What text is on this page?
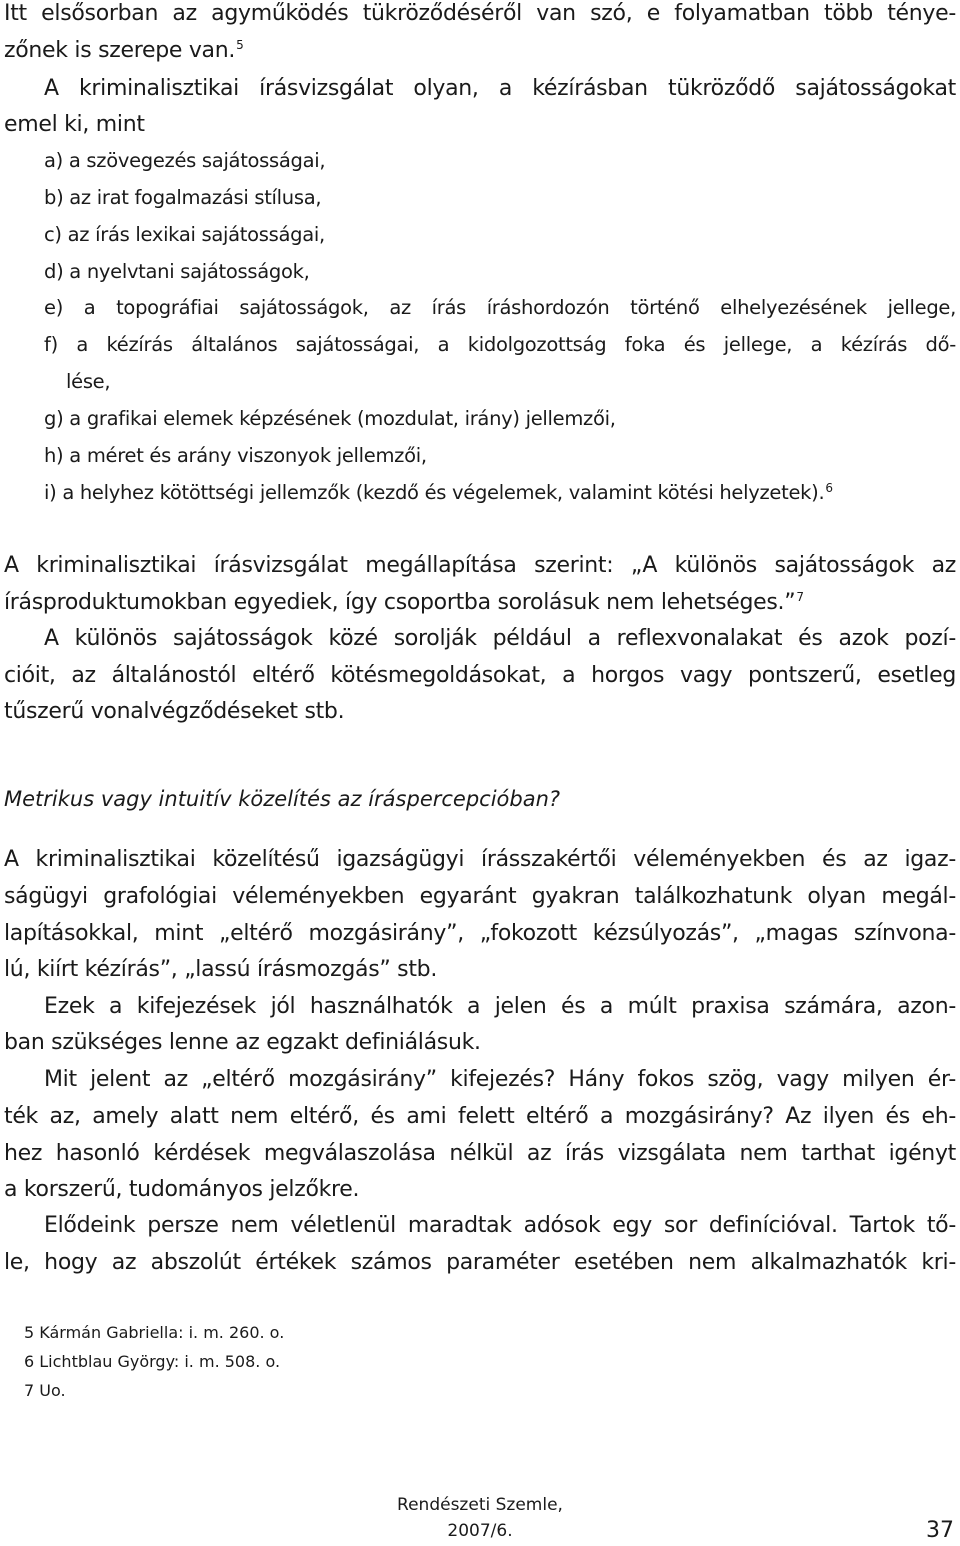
Itt elsősorban az agyműködés tükröződéséről van szó, e folyamatban több ténye-
zőnek is szerepe van.$^5$
A kriminalisztikai írásvizsgálat olyan, a kézírásban tükröződő sajátosságokat
emel ki, mint
a) a szövegezés sajátosságai,
b) az irat fogalmazási stílusa,
c) az írás lexikai sajátosságai,
d) a nyelvtani sajátosságok,
e) a topográfiai sajátosságok, az írás íráshordozón történő elhelyezésének jellege,
f) a kézírás általános sajátosságai, a kidolgozottság foka és jellege, a kézírás dő-
lése,
g) a grafikai elemek képzésének (mozdulat, irány) jellemzői,
h) a méret és arány viszonyok jellemzői,
i) a helyhez kötöttségi jellemzők (kezdő és végelemek, valamint kötési helyzetek).$^6$
A kriminalisztikai írásvizsgálat megállapítása szerint: „A különös sajátosságok az
írásproduktumokban egyediek, így csoportba sorolásuk nem lehetséges.”$^7$
A különös sajátosságok közé sorolják például a reflexvonalakat és azok pozí-
cióit, az általánostól eltérő kötésmegoldásokat, a horgos vagy pontszerű, esetleg
tűszerű vonalvégződéseket stb.
Metrikus vagy intuitív közelítés az íráspercepcióban?
A kriminalisztikai közelítésű igazságügyi írásszakértői véleményekben és az igaz-
ságügyi grafológiai véleményekben egyaránt gyakran találkozhatunk olyan megál-
lapításokkal, mint „eltérő mozgásirány”, „fokozott kézsúlyozás”, „magas színvona-
lú, kiírt kézírás”, „lassú írásmozgás” stb.
Ezek a kifejezések jól használhatók a jelen és a múlt praxisa számára, azon-
ban szükséges lenne az egzakt definiálásuk.
Mit jelent az „eltérő mozgásirány” kifejezés? Hány fokos szög, vagy milyen ér-
ték az, amely alatt nem eltérő, és ami felett eltérő a mozgásirány? Az ilyen és eh-
hez hasonló kérdések megválaszolása nélkül az írás vizsgálata nem tarthat igényt
a korszerű, tudományos jelzőkre.
Elődeink persze nem véletlenül maradtak adósok egy sor definícióval. Tartok tő-
le, hogy az abszolút értékek számos paraméter esetében nem alkalmazhatók kri-
5 Kármán Gabriella: i. m. 260. o.
6 Lichtblau György: i. m. 508. o.
7 Uo.
Rendészeti Szemle,
2007/6.	37
